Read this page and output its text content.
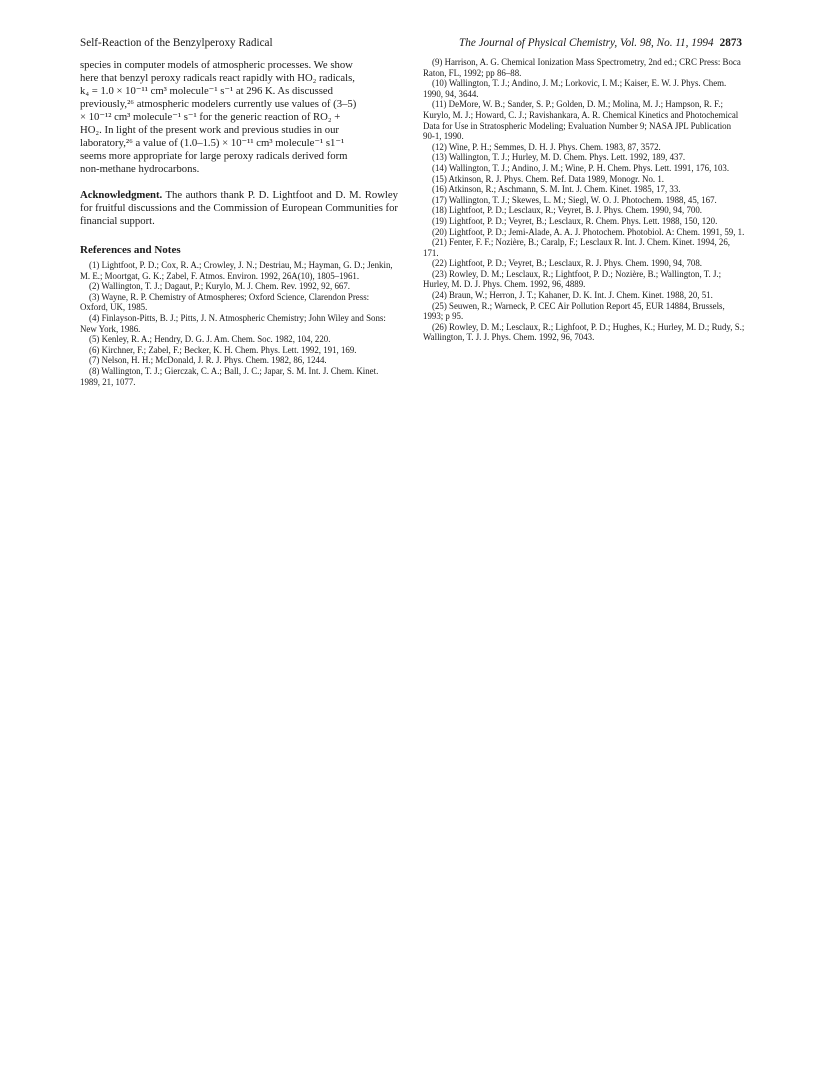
Self-Reaction of the Benzylperoxy Radical	The Journal of Physical Chemistry, Vol. 98, No. 11, 1994 2873
species in computer models of atmospheric processes. We show
here that benzyl peroxy radicals react rapidly with HO₂ radicals,
k₄ = 1.0 × 10⁻¹¹ cm³ molecule⁻¹ s⁻¹ at 296 K. As discussed
previously,²⁶ atmospheric modelers currently use values of (3–5)
× 10⁻¹² cm³ molecule⁻¹ s⁻¹ for the generic reaction of RO₂ +
HO₂. In light of the present work and previous studies in our
laboratory,²⁶ a value of (1.0–1.5) × 10⁻¹¹ cm³ molecule⁻¹ s1⁻¹
seems more appropriate for large peroxy radicals derived form
non-methane hydrocarbons.

Acknowledgment. The authors thank P. D. Lightfoot and D. M. Rowley for fruitful discussions and the Commission of European Communities for financial support.

References and Notes

(1) Lightfoot, P. D.; Cox, R. A.; Crowley, J. N.; Destriau, M.; Hayman, G. D.; Jenkin, M. E.; Moortgat, G. K.; Zabel, F. Atmos. Environ. 1992, 26A(10), 1805–1961.

(2) Wallington, T. J.; Dagaut, P.; Kurylo, M. J. Chem. Rev. 1992, 92, 667.

(3) Wayne, R. P. Chemistry of Atmospheres; Oxford Science, Clarendon Press: Oxford, UK, 1985.

(4) Finlayson-Pitts, B. J.; Pitts, J. N. Atmospheric Chemistry; John Wiley and Sons: New York, 1986.

(5) Kenley, R. A.; Hendry, D. G. J. Am. Chem. Soc. 1982, 104, 220.

(6) Kirchner, F.; Zabel, F.; Becker, K. H. Chem. Phys. Lett. 1992, 191, 169.

(7) Nelson, H. H.; McDonald, J. R. J. Phys. Chem. 1982, 86, 1244.

(8) Wallington, T. J.; Gierczak, C. A.; Ball, J. C.; Japar, S. M. Int. J. Chem. Kinet. 1989, 21, 1077.

(9) Harrison, A. G. Chemical Ionization Mass Spectrometry, 2nd ed.; CRC Press: Boca Raton, FL, 1992; pp 86–88.

(10) Wallington, T. J.; Andino, J. M.; Lorkovic, I. M.; Kaiser, E. W. J. Phys. Chem. 1990, 94, 3644.

(11) DeMore, W. B.; Sander, S. P.; Golden, D. M.; Molina, M. J.; Hampson, R. F.; Kurylo, M. J.; Howard, C. J.; Ravishankara, A. R. Chemical Kinetics and Photochemical Data for Use in Stratospheric Modeling; Evaluation Number 9; NASA JPL Publication 90-1, 1990.

(12) Wine, P. H.; Semmes, D. H. J. Phys. Chem. 1983, 87, 3572.

(13) Wallington, T. J.; Hurley, M. D. Chem. Phys. Lett. 1992, 189, 437.

(14) Wallington, T. J.; Andino, J. M.; Wine, P. H. Chem. Phys. Lett. 1991, 176, 103.

(15) Atkinson, R. J. Phys. Chem. Ref. Data 1989, Monogr. No. 1.

(16) Atkinson, R.; Aschmann, S. M. Int. J. Chem. Kinet. 1985, 17, 33.

(17) Wallington, T. J.; Skewes, L. M.; Siegl, W. O. J. Photochem. 1988, 45, 167.

(18) Lightfoot, P. D.; Lesclaux, R.; Veyret, B. J. Phys. Chem. 1990, 94, 700.

(19) Lightfoot, P. D.; Veyret, B.; Lesclaux, R. Chem. Phys. Lett. 1988, 150, 120.

(20) Lightfoot, P. D.; Jemi-Alade, A. A. J. Photochem. Photobiol. A: Chem. 1991, 59, 1.

(21) Fenter, F. F.; Nozière, B.; Caralp, F.; Lesclaux R. Int. J. Chem. Kinet. 1994, 26, 171.

(22) Lightfoot, P. D.; Veyret, B.; Lesclaux, R. J. Phys. Chem. 1990, 94, 708.

(23) Rowley, D. M.; Lesclaux, R.; Lightfoot, P. D.; Nozière, B.; Wallington, T. J.; Hurley, M. D. J. Phys. Chem. 1992, 96, 4889.

(24) Braun, W.; Herron, J. T.; Kahaner, D. K. Int. J. Chem. Kinet. 1988, 20, 51.

(25) Seuwen, R.; Warneck, P. CEC Air Pollution Report 45, EUR 14884, Brussels, 1993; p 95.

(26) Rowley, D. M.; Lesclaux, R.; Lighfoot, P. D.; Hughes, K.; Hurley, M. D.; Rudy, S.; Wallington, T. J. J. Phys. Chem. 1992, 96, 7043.
